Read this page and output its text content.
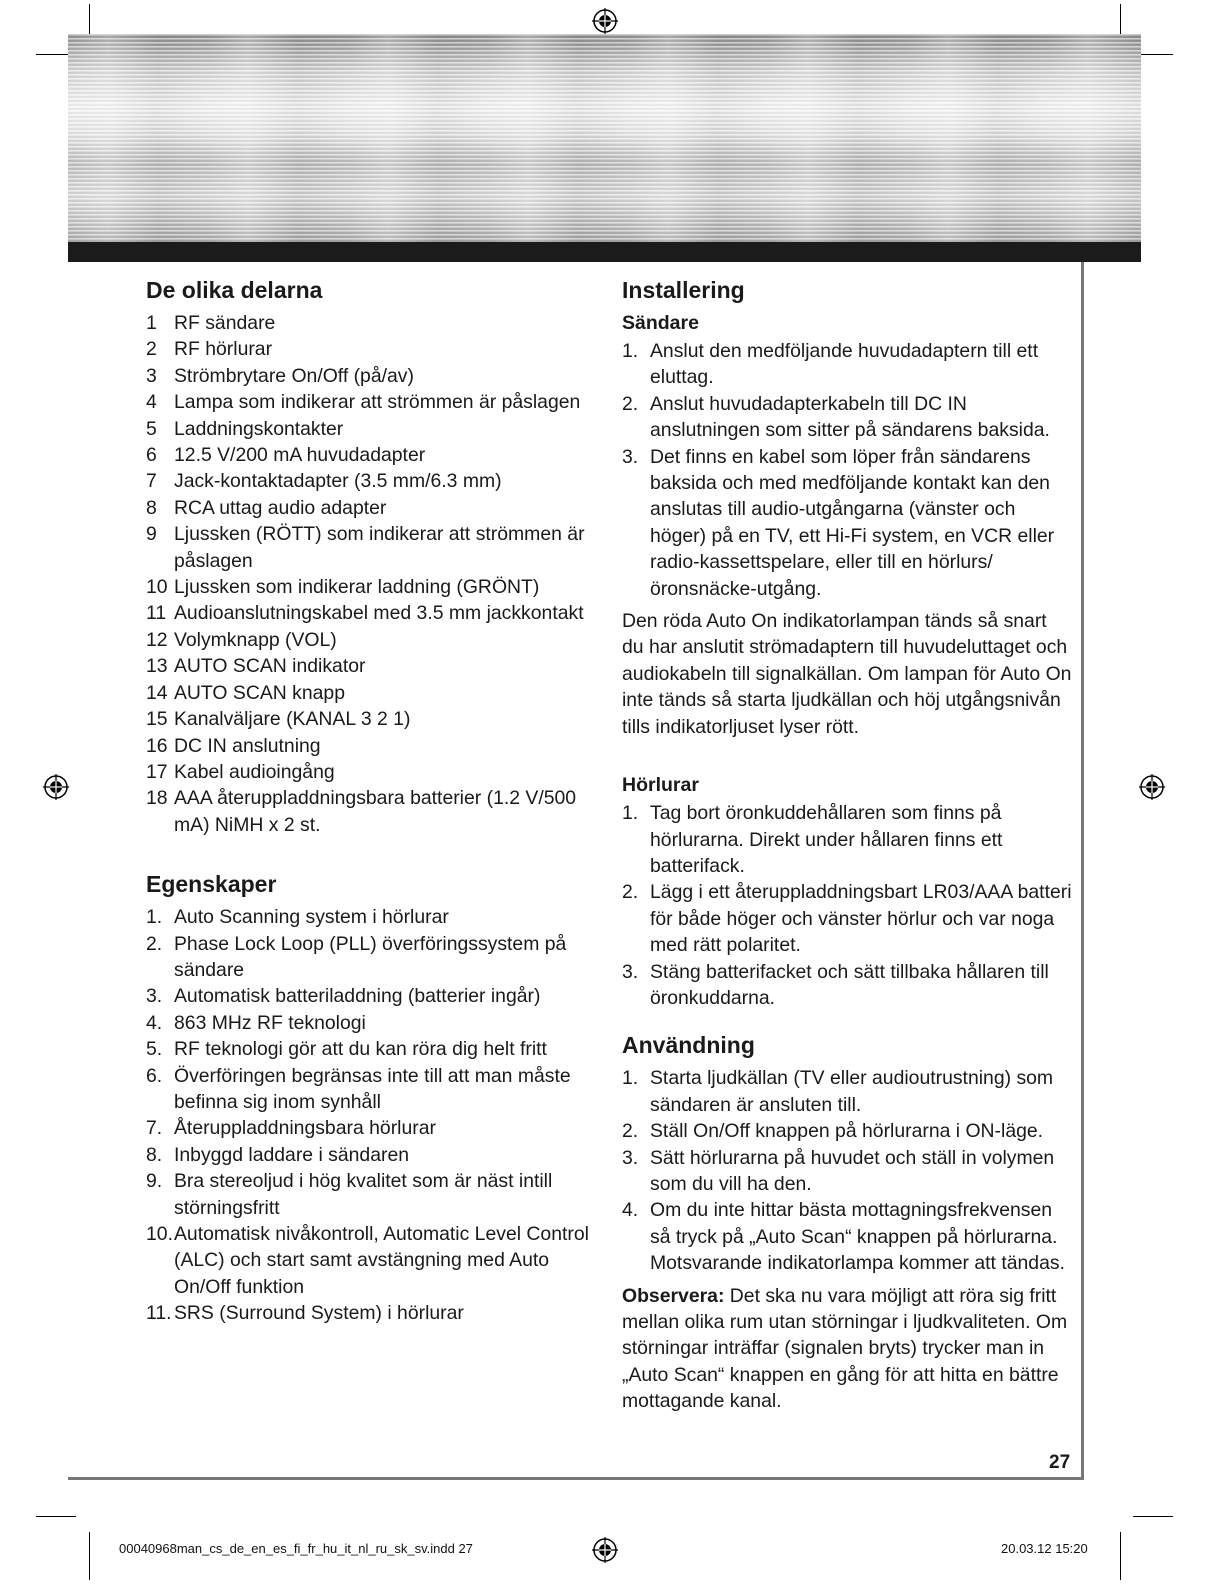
De olika delarna
1 RF sändare
2 RF hörlurar
3 Strömbrytare On/Off (på/av)
4 Lampa som indikerar att strömmen är påslagen
5 Laddningskontakter
6 12.5 V/200 mA huvudadapter
7 Jack-kontaktadapter (3.5 mm/6.3 mm)
8 RCA uttag audio adapter
9 Ljussken (RÖTT) som indikerar att strömmen är påslagen
10 Ljussken som indikerar laddning (GRÖNT)
11 Audioanslutningskabel med 3.5 mm jackkontakt
12 Volymknapp (VOL)
13 AUTO SCAN indikator
14 AUTO SCAN knapp
15 Kanalväljare (KANAL 3 2 1)
16 DC IN anslutning
17 Kabel audioingång
18 AAA återuppladdningsbara batterier (1.2 V/500 mA) NiMH x 2 st.
Egenskaper
1. Auto Scanning system i hörlurar
2. Phase Lock Loop (PLL) överföringssystem på sändare
3. Automatisk batteriladdning (batterier ingår)
4. 863 MHz RF teknologi
5. RF teknologi gör att du kan röra dig helt fritt
6. Överföringen begränsas inte till att man måste befinna sig inom synhåll
7. Återuppladdningsbara hörlurar
8. Inbyggd laddare i sändaren
9. Bra stereoljud i hög kvalitet som är näst intill störningsfritt
10. Automatisk nivåkontroll, Automatic Level Control (ALC) och start samt avstängning med Auto On/Off funktion
11. SRS (Surround System) i hörlurar
Installering
Sändare
1. Anslut den medföljande huvudadaptern till ett eluttag.
2. Anslut huvudadapterkabeln till DC IN anslutningen som sitter på sändarens baksida.
3. Det finns en kabel som löper från sändarens baksida och med medföljande kontakt kan den anslutas till audio-utgångarna (vänster och höger) på en TV, ett Hi-Fi system, en VCR eller radio-kassettspelare, eller till en hörlurs/ öronsnäcke-utgång.

Den röda Auto On indikatorlampan tänds så snart du har anslutit strömadaptern till huvudeluttaget och audiokabeln till signalkällan. Om lampan för Auto On inte tänds så starta ljudkällan och höj utgångsnivån tills indikatorljuset lyser rött.

Hörlurar
1. Tag bort öronkuddehållaren som finns på hörlurarna. Direkt under hållaren finns ett batterifack.
2. Lägg i ett återuppladdningsbart LR03/AAA batteri för både höger och vänster hörlur och var noga med rätt polaritet.
3. Stäng batterifacket och sätt tillbaka hållaren till öronkuddarna.
Användning
1. Starta ljudkällan (TV eller audioutrustning) som sändaren är ansluten till.
2. Ställ On/Off knappen på hörlurarna i ON-läge.
3. Sätt hörlurarna på huvudet och ställ in volymen som du vill ha den.
4. Om du inte hittar bästa mottagningsfrekvensen så tryck på „Auto Scan“ knappen på hörlurarna. Motsvarande indikatorlampa kommer att tändas.

Observera: Det ska nu vara möjligt att röra sig fritt mellan olika rum utan störningar i ljudkvaliteten. Om störningar inträffar (signalen bryts) trycker man in „Auto Scan“ knappen en gång för att hitta en bättre mottagande kanal.

27
00040968man_cs_de_en_es_fi_fr_hu_it_nl_ru_sk_sv.indd 27	20.03.12 15:20
